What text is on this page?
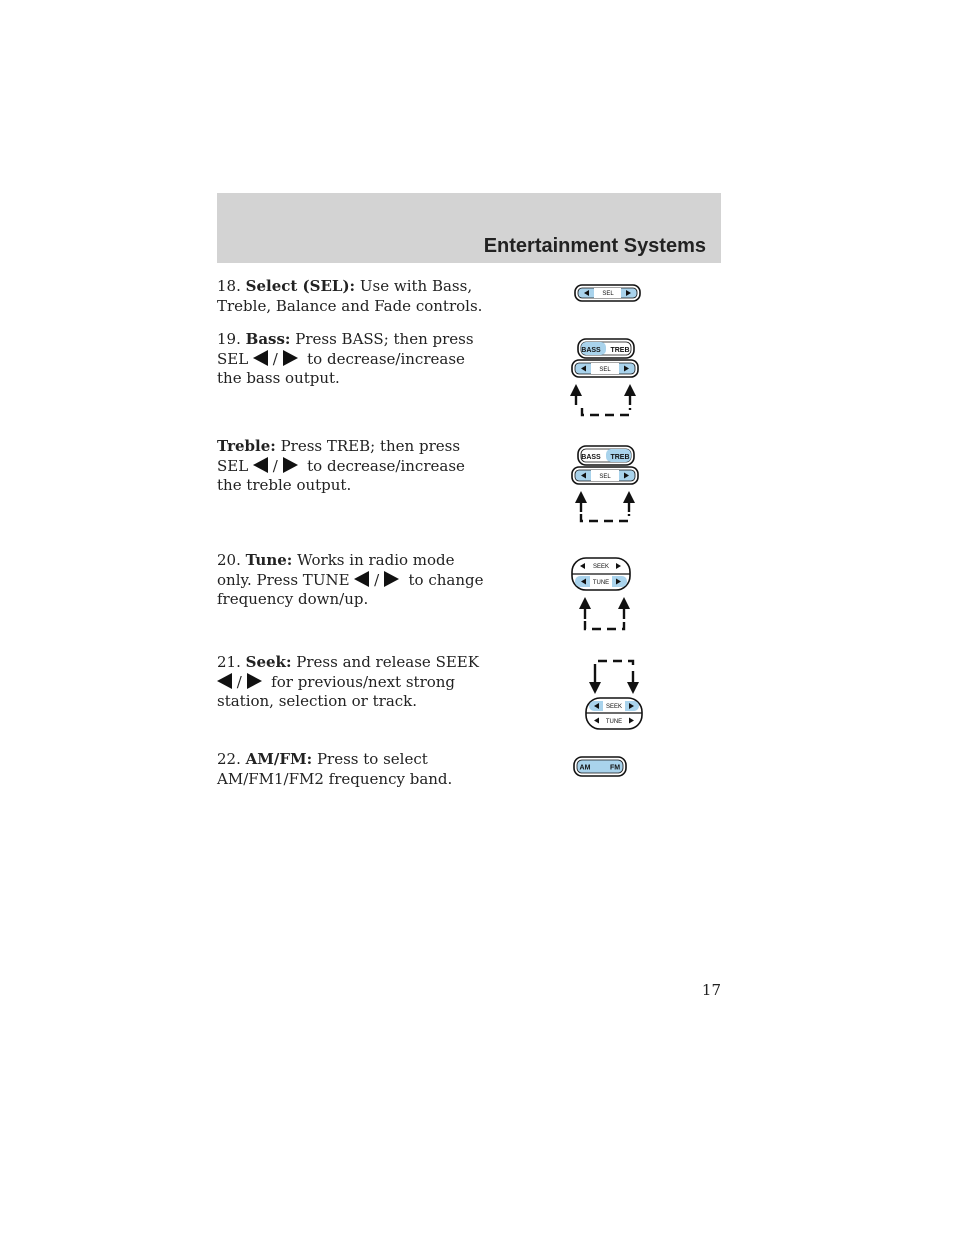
Entertainment Systems
18. Select (SEL): Use with Bass, Treble, Balance and Fade controls.
19. Bass: Press BASS; then press SEL / to decrease/increase the bass output.
Treble: Press TREB; then press SEL / to decrease/increase the treble output.
20. Tune: Works in radio mode only. Press TUNE / to change frequency down/up.
21. Seek: Press and release SEEK  / for previous/next strong station, selection or track.
22. AM/FM: Press to select AM/FM1/FM2 frequency band.
SEL
BASS TREB
SEL
BASS TREB
SEL
SEEK
TUNE
SEEK
TUNE
AM	FM
17
